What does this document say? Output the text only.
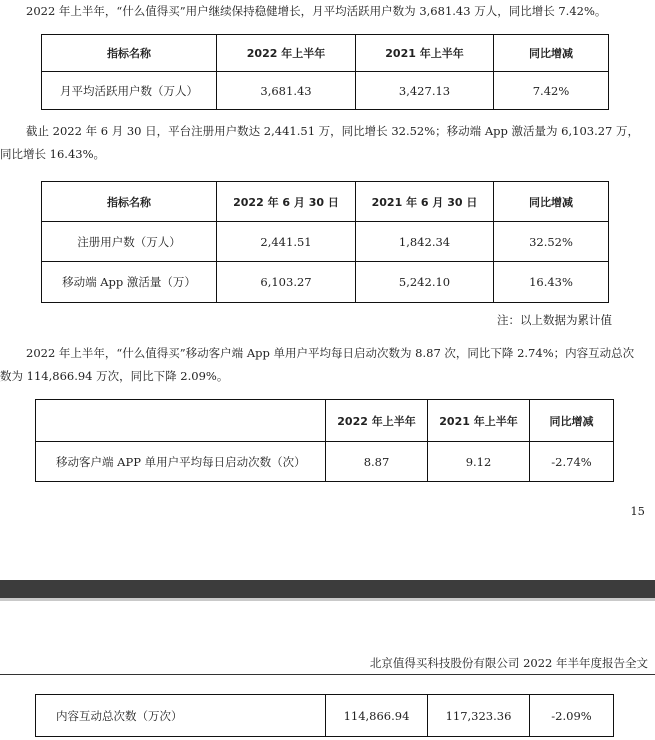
2022 年上半年，“什么值得买”用户继续保持稳健增长，月平均活跃用户数为 3,681.43 万人，同比增长 7.42%。

指标名称	2022 年上半年	2021 年上半年	同比增减
月平均活跃用户数（万人）	3,681.43	3,427.13	7.42%

截止 2022 年 6 月 30 日，平台注册用户数达 2,441.51 万，同比增长 32.52%；移动端 App 激活量为 6,103.27 万，同比增长 16.43%。

指标名称	2022 年 6 月 30 日	2021 年 6 月 30 日	同比增减
注册用户数（万人）	2,441.51	1,842.34	32.52%
移动端 App 激活量（万）	6,103.27	5,242.10	16.43%
注：以上数据为累计值

2022 年上半年，“什么值得买”移动客户端 App 单用户平均每日启动次数为 8.87 次，同比下降 2.74%；内容互动总次数为 114,866.94 万次，同比下降 2.09%。

	2022 年上半年	2021 年上半年	同比增减
移动客户端 APP 单用户平均每日启动次数（次）	8.87	9.12	-2.74%
15
北京值得买科技股份有限公司 2022 年半年度报告全文
内容互动总次数（万次）	114,866.94	117,323.36	-2.09%
